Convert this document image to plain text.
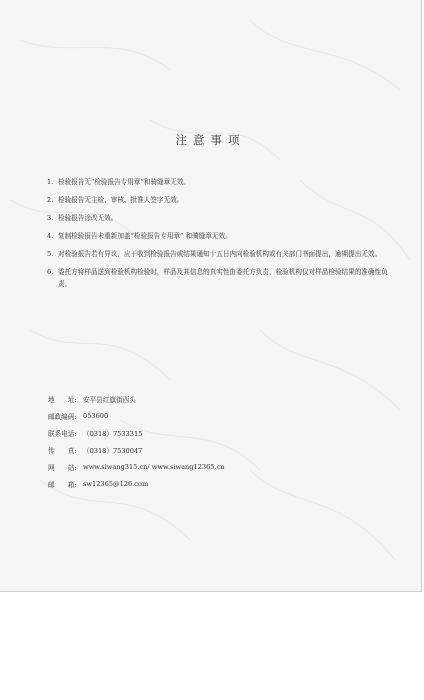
注意事项
1. 检验报告无“检验报告专用章”和骑缝章无效。
2. 检验报告无主检、审核、批准人签字无效。
3. 检验报告涂改无效。
4. 复制检验报告未重新加盖“检验报告专用章” 和骑缝章无效。
5. 对检验报告若有异议，应于收到检验报告或结果通知十五日内向检验机构或有关部门书面提出，逾期提出无效。
6. 委托方将样品送到检验机构检验时，样品及其信息的真实性由委托方负责，检验机构仅对样品检验结果的准确性负责。
地　　址: 安平县红旗街西头
邮政编码: 053600
联系电话: （0318）7533315
传　　真: （0318）7530047
网　　站: www.siwang315.cn/ www.siwang12365.cn
邮　　箱: sw12365@126.com
